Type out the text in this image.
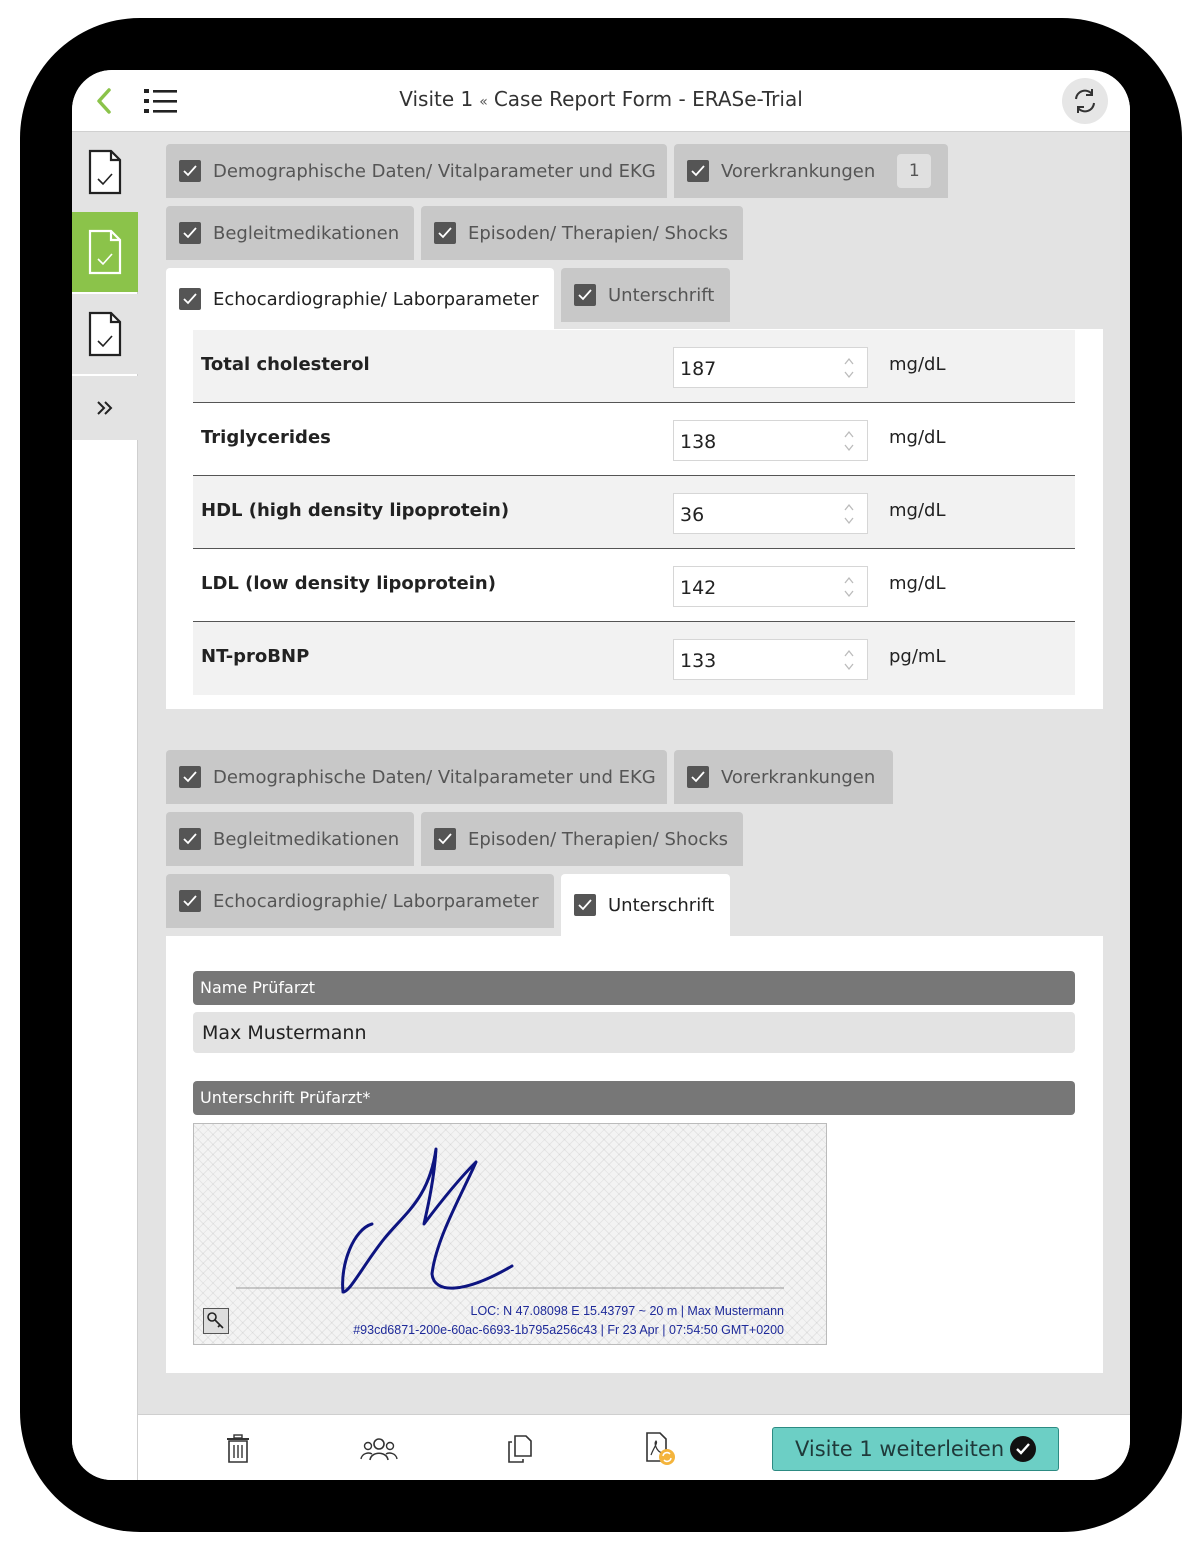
Visite 1 « Case Report Form - ERASe-Trial
Demographische Daten/ Vitalparameter und EKG	Vorerkrankungen	1
Begleitmedikationen	Episoden/ Therapien/ Shocks
Echocardiographie/ Laborparameter	Unterschrift
Total cholesterol	187	mg/dL
Triglycerides	138	mg/dL
HDL (high density lipoprotein)	36	mg/dL
LDL (low density lipoprotein)	142	mg/dL
NT-proBNP	133	pg/mL
Demographische Daten/ Vitalparameter und EKG	Vorerkrankungen
Begleitmedikationen	Episoden/ Therapien/ Shocks
Echocardiographie/ Laborparameter	Unterschrift
Name Prüfarzt
Max Mustermann
Unterschrift Prüfarzt*
LOC: N 47.08098 E 15.43797 ~ 20 m | Max Mustermann
#93cd6871-200e-60ac-6693-1b795a256c43 | Fr 23 Apr | 07:54:50 GMT+0200
Visite 1 weiterleiten
